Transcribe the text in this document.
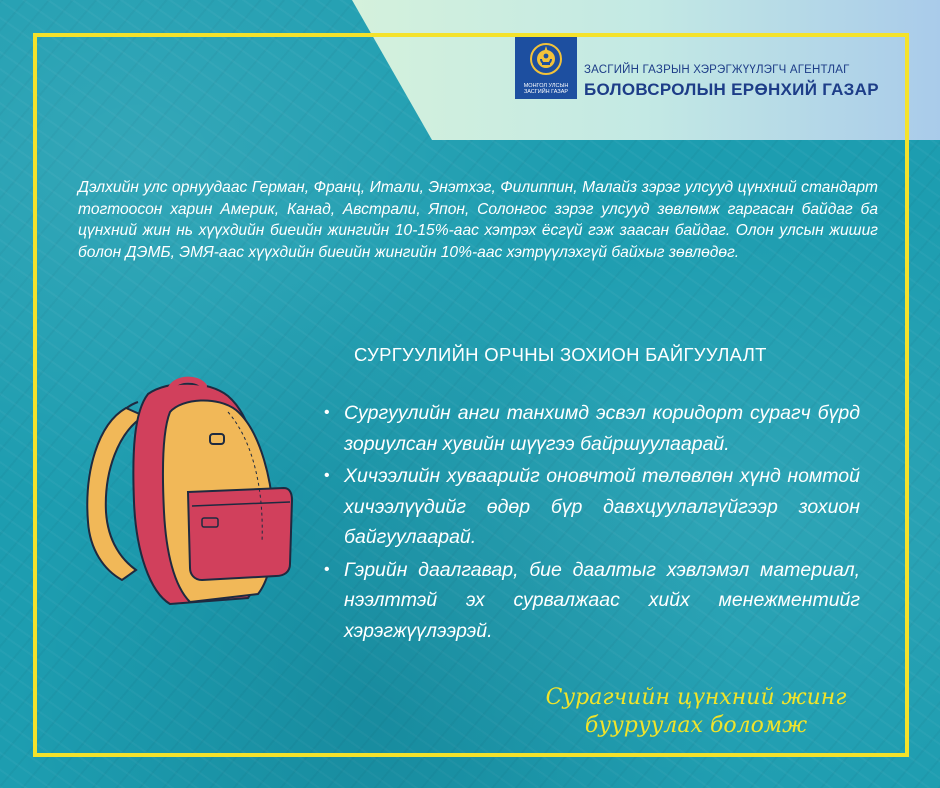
МОНГОЛ УЛСЫН
ЗАСГИЙН ГАЗАР
ЗАСГИЙН ГАЗРЫН ХЭРЭГЖҮҮЛЭГЧ АГЕНТЛАГ
БОЛОВСРОЛЫН ЕРӨНХИЙ ГАЗАР
Дэлхийн улс орнуудаас Герман, Франц, Итали, Энэтхэг, Филиппин, Малайз зэрэг улсууд цүнхний стандарт тогтоосон харин Америк, Канад, Австрали, Япон, Солонгос зэрэг улсууд зөвлөмж гаргасан байдаг ба цүнхний жин нь хүүхдийн биеийн жингийн 10-15%-аас хэтрэх ёсгүй гэж заасан байдаг. Олон улсын жишиг болон ДЭМБ, ЭМЯ-аас хүүхдийн биеийн жингийн 10%-аас хэтрүүлэхгүй байхыг зөвлөдөг.
СУРГУУЛИЙН ОРЧНЫ ЗОХИОН БАЙГУУЛАЛТ
• Сургуулийн анги танхимд эсвэл коридорт сурагч бүрд зориулсан хувийн шүүгээ байршуулаарай.
• Хичээлийн хуваарийг оновчтой төлөвлөн хүнд номтой хичээлүүдийг өдөр бүр давхцуулалгүйгээр зохион байгуулаарай.
• Гэрийн даалгавар, бие даалтыг хэвлэмэл материал, нээлттэй эх сурвалжаас хийх менежментийг хэрэгжүүлээрэй.
Сурагчийн цүнхний жинг
бууруулах боломж
